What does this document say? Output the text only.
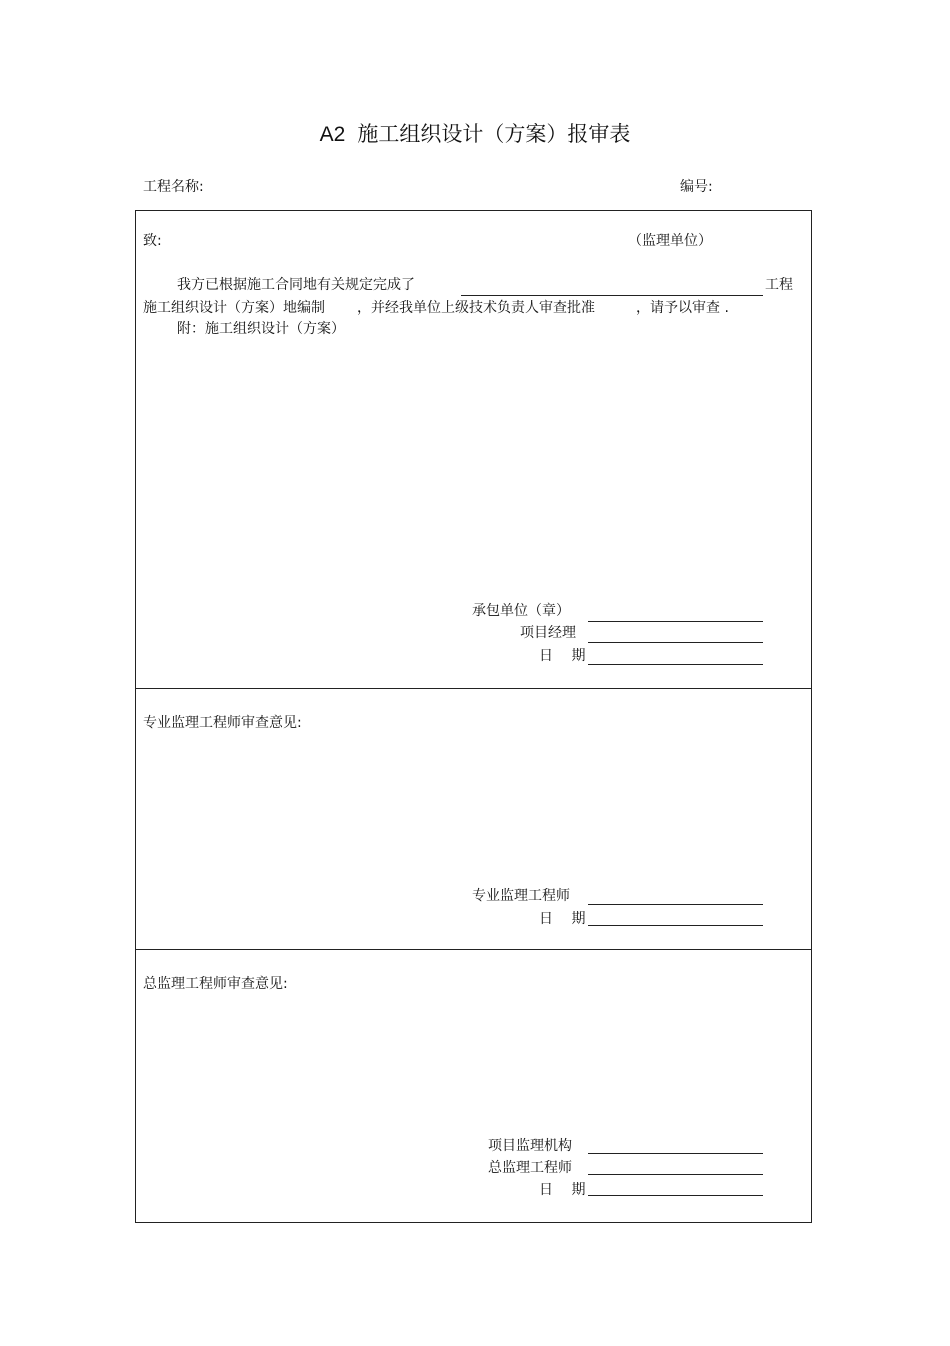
A2 施工组织设计（方案）报审表
工程名称:	编号:
致:	（监理单位）
我方已根据施工合同地有关规定完成了	工程
施工组织设计（方案）地编制 ，并经我单位上级技术负责人审查批准	，请予以审查 .
附：施工组织设计（方案）
承包单位（章）
项目经理
日　 期
专业监理工程师审查意见:
专业监理工程师
日　 期
总监理工程师审查意见:
项目监理机构
总监理工程师
日　 期
